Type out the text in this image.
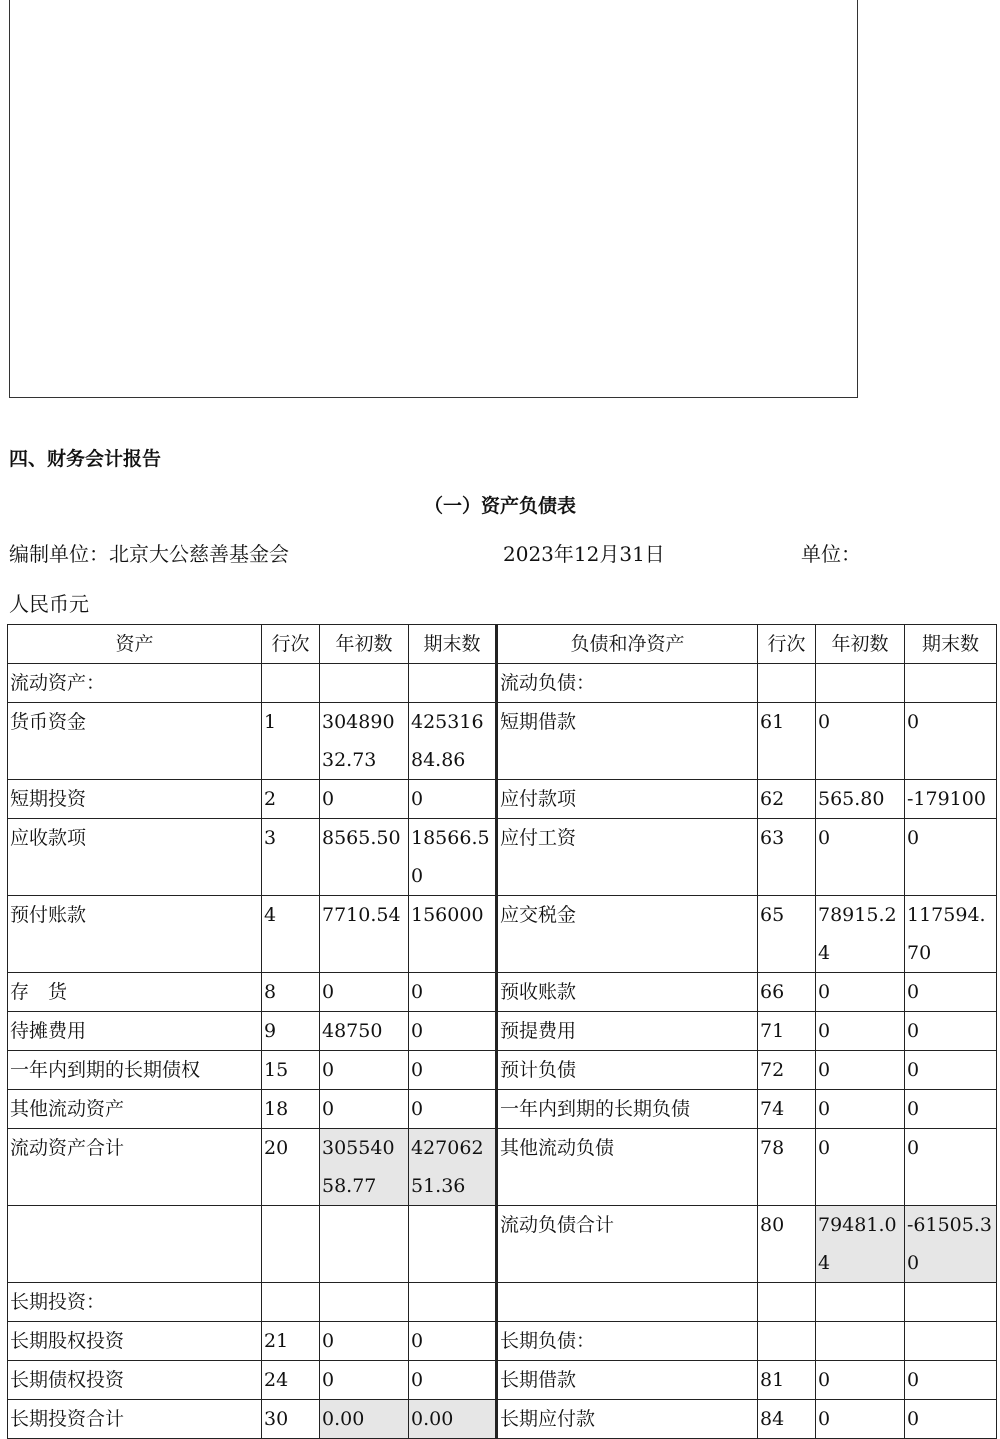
四、财务会计报告
（一）资产负债表
编制单位：北京大公慈善基金会	2023年12月31日	单位：
人民币元
资产	行次	年初数	期末数	负债和净资产	行次	年初数	期末数
流动资产：				流动负债：			
货币资金	1	30489032.73	42531684.86	短期借款	61	0	0
短期投资	2	0	0	应付款项	62	565.80	-179100
应收款项	3	8565.50	18566.50	应付工资	63	0	0
预付账款	4	7710.54	156000	应交税金	65	78915.24	117594.70
存　货	8	0	0	预收账款	66	0	0
待摊费用	9	48750	0	预提费用	71	0	0
一年内到期的长期债权	15	0	0	预计负债	72	0	0
其他流动资产	18	0	0	一年内到期的长期负债	74	0	0
流动资产合计	20	30554058.77	42706251.36	其他流动负债	78	0	0
				流动负债合计	80	79481.04	-61505.30
长期投资：							
长期股权投资	21	0	0	长期负债：			
长期债权投资	24	0	0	长期借款	81	0	0
长期投资合计	30	0.00	0.00	长期应付款	84	0	0
